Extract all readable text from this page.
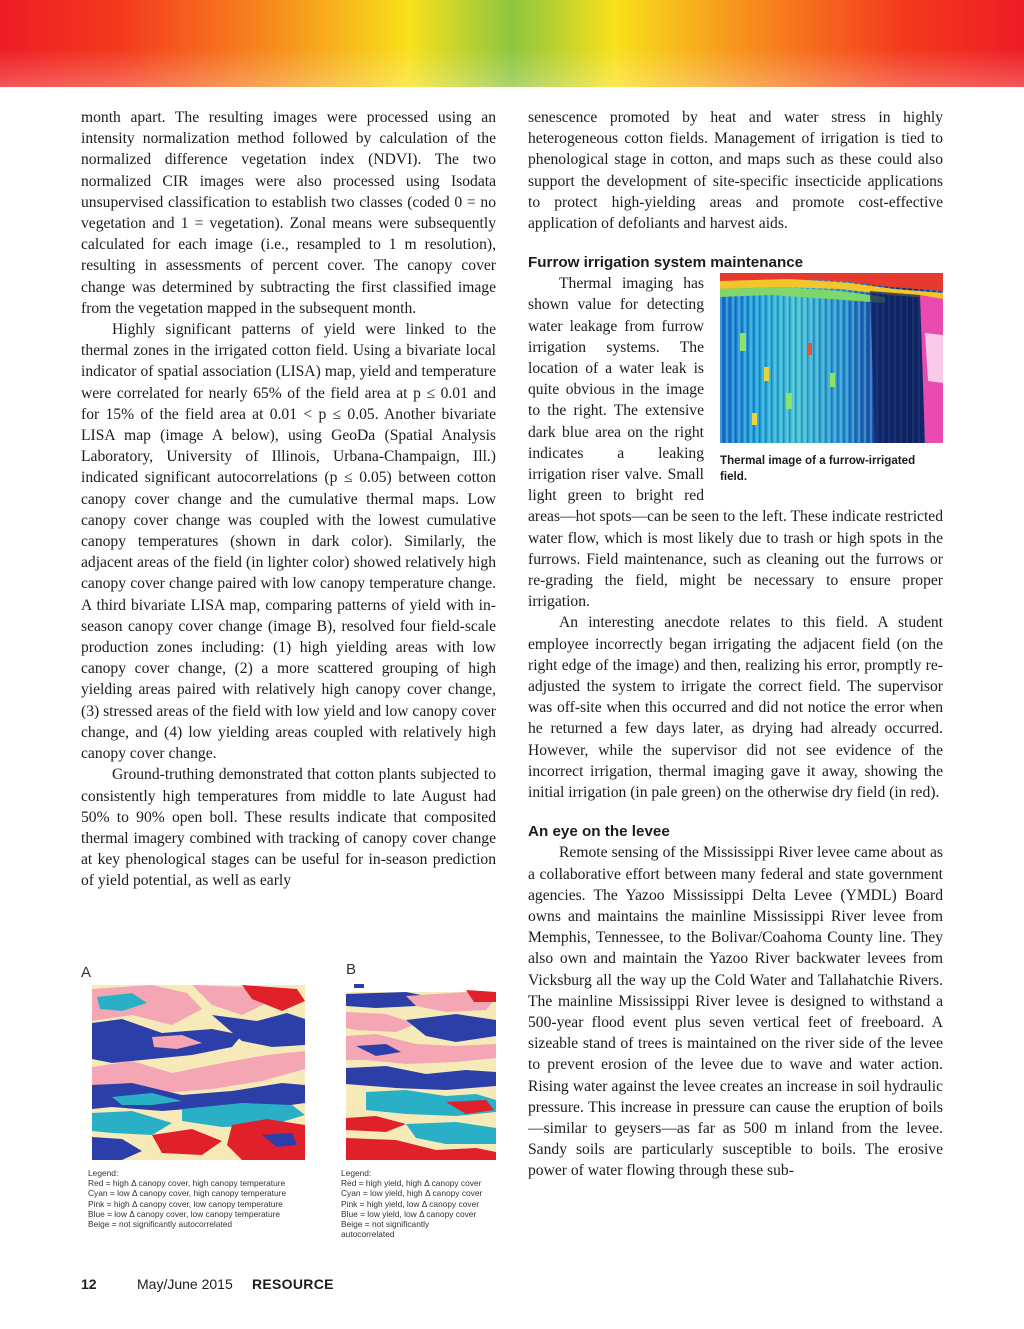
month apart. The resulting images were processed using an intensity normalization method followed by calculation of the normalized difference vegetation index (NDVI). The two normalized CIR images were also processed using Isodata unsupervised classification to establish two classes (coded 0 = no vegetation and 1 = vegetation). Zonal means were subsequently calculated for each image (i.e., resampled to 1 m resolution), resulting in assessments of percent cover. The canopy cover change was determined by subtracting the first classified image from the vegetation mapped in the subsequent month.

Highly significant patterns of yield were linked to the thermal zones in the irrigated cotton field. Using a bivariate local indicator of spatial association (LISA) map, yield and temperature were correlated for nearly 65% of the field area at p ≤ 0.01 and for 15% of the field area at 0.01 < p ≤ 0.05. Another bivariate LISA map (image A below), using GeoDa (Spatial Analysis Laboratory, University of Illinois, Urbana-Champaign, Ill.) indicated significant autocorrelations (p ≤ 0.05) between cotton canopy cover change and the cumulative thermal maps. Low canopy cover change was coupled with the lowest cumulative canopy temperatures (shown in dark color). Similarly, the adjacent areas of the field (in lighter color) showed relatively high canopy cover change paired with low canopy temperature change. A third bivariate LISA map, comparing patterns of yield with in-season canopy cover change (image B), resolved four field-scale production zones including: (1) high yielding areas with low canopy cover change, (2) a more scattered grouping of high yielding areas paired with relatively high canopy cover change, (3) stressed areas of the field with low yield and low canopy cover change, and (4) low yielding areas coupled with relatively high canopy cover change.

Ground-truthing demonstrated that cotton plants subjected to consistently high temperatures from middle to late August had 50% to 90% open boll. These results indicate that composited thermal imagery combined with tracking of canopy cover change at key phenological stages can be useful for in-season prediction of yield potential, as well as early

A
Legend:
Red = high Δ canopy cover, high canopy temperature
Cyan = low Δ canopy cover, high canopy temperature
Pink = high Δ canopy cover, low canopy temperature
Blue = low Δ canopy cover, low canopy temperature
Beige = not significantly autocorrelated
B
Legend:
Red = high yield, high Δ canopy cover
Cyan = low yield, high Δ canopy cover
Pink = high yield, low Δ canopy cover
Blue = low yield, low Δ canopy cover
Beige = not significantly
autocorrelated

senescence promoted by heat and water stress in highly heterogeneous cotton fields. Management of irrigation is tied to phenological stage in cotton, and maps such as these could also support the development of site-specific insecticide applications to protect high-yielding areas and promote cost-effective application of defoliants and harvest aids.

Furrow irrigation system maintenance
Thermal image of a furrow-irrigated field.

Thermal imaging has shown value for detecting water leakage from furrow irrigation systems. The location of a water leak is quite obvious in the image to the right. The extensive dark blue area on the right indicates a leaking irrigation riser valve. Small light green to bright red areas—hot spots—can be seen to the left. These indicate restricted water flow, which is most likely due to trash or high spots in the furrows. Field maintenance, such as cleaning out the furrows or re-grading the field, might be necessary to ensure proper irrigation.

An interesting anecdote relates to this field. A student employee incorrectly began irrigating the adjacent field (on the right edge of the image) and then, realizing his error, promptly re-adjusted the system to irrigate the correct field. The supervisor was off-site when this occurred and did not notice the error when he returned a few days later, as drying had already occurred. However, while the supervisor did not see evidence of the incorrect irrigation, thermal imaging gave it away, showing the initial irrigation (in pale green) on the otherwise dry field (in red).

An eye on the levee

Remote sensing of the Mississippi River levee came about as a collaborative effort between many federal and state government agencies. The Yazoo Mississippi Delta Levee (YMDL) Board owns and maintains the mainline Mississippi River levee from Memphis, Tennessee, to the Bolivar/Coahoma County line. They also own and maintain the Yazoo River backwater levees from Vicksburg all the way up the Cold Water and Tallahatchie Rivers. The mainline Mississippi River levee is designed to withstand a 500-year flood event plus seven vertical feet of freeboard. A sizeable stand of trees is maintained on the river side of the levee to prevent erosion of the levee due to wave and water action. Rising water against the levee creates an increase in soil hydraulic pressure. This increase in pressure can cause the eruption of boils—similar to geysers—as far as 500 m inland from the levee. Sandy soils are particularly susceptible to boils. The erosive power of water flowing through these sub-

12	May/June 2015 RESOURCE
